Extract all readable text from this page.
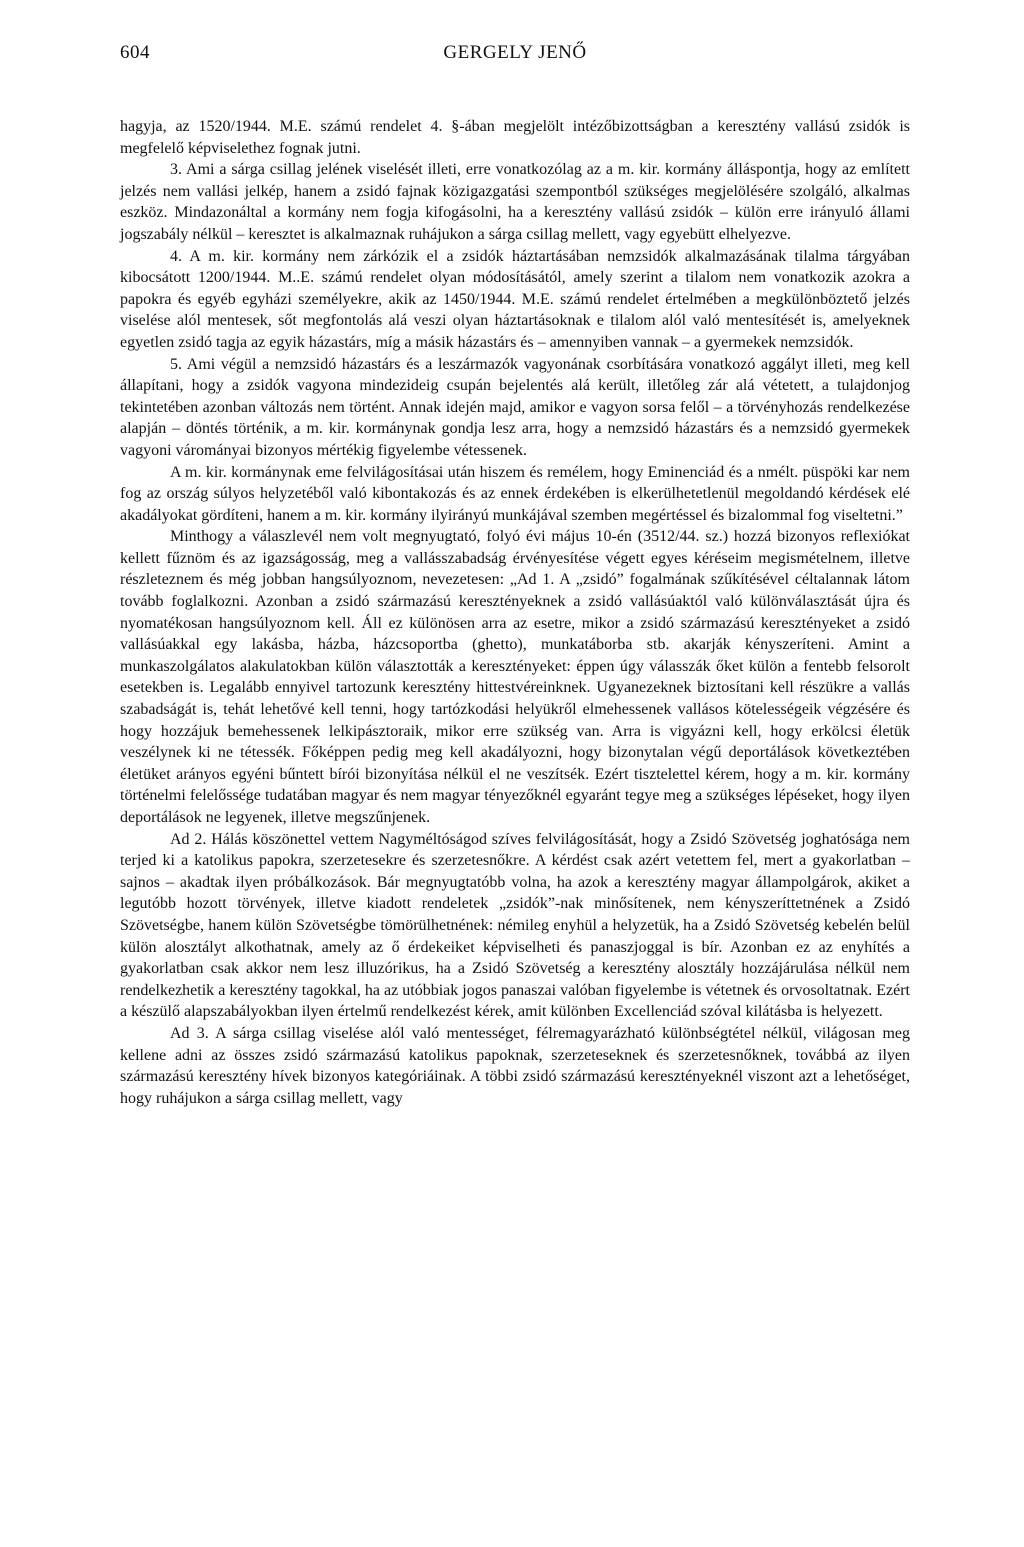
604	GERGELY JENŐ

hagyja, az 1520/1944. M.E. számú rendelet 4. §-ában megjelölt intézőbizottságban a keresztény vallású zsidók is megfelelő képviselethez fognak jutni.

3. Ami a sárga csillag jelének viselését illeti, erre vonatkozólag az a m. kir. kormány álláspontja, hogy az említett jelzés nem vallási jelkép, hanem a zsidó fajnak közigazgatási szempontból szükséges megjelölésére szolgáló, alkalmas eszköz. Mindazonáltal a kormány nem fogja kifogásolni, ha a keresztény vallású zsidók – külön erre irányuló állami jogszabály nélkül – keresztet is alkalmaznak ruhájukon a sárga csillag mellett, vagy egyebütt elhelyezve.

4. A m. kir. kormány nem zárkózik el a zsidók háztartásában nemzsidók alkalmazásának tilalma tárgyában kibocsátott 1200/1944. M..E. számú rendelet olyan módosításától, amely szerint a tilalom nem vonatkozik azokra a papokra és egyéb egyházi személyekre, akik az 1450/1944. M.E. számú rendelet értelmében a megkülönböztető jelzés viselése alól mentesek, sőt megfontolás alá veszi olyan háztartásoknak e tilalom alól való mentesítését is, amelyeknek egyetlen zsidó tagja az egyik házastárs, míg a másik házastárs és – amennyiben vannak – a gyermekek nemzsidók.

5. Ami végül a nemzsidó házastárs és a leszármazók vagyonának csorbítására vonatkozó aggályt illeti, meg kell állapítani, hogy a zsidók vagyona mindezideig csupán bejelentés alá került, illetőleg zár alá vétetett, a tulajdonjog tekintetében azonban változás nem történt. Annak idején majd, amikor e vagyon sorsa felől – a törvényhozás rendelkezése alapján – döntés történik, a m. kir. kormánynak gondja lesz arra, hogy a nemzsidó házastárs és a nemzsidó gyermekek vagyoni várományai bizonyos mértékig figyelembe vétessenek.

A m. kir. kormánynak eme felvilágosításai után hiszem és remélem, hogy Eminenciád és a nmélt. püspöki kar nem fog az ország súlyos helyzetéből való kibontakozás és az ennek érdekében is elkerülhetetlenül megoldandó kérdések elé akadályokat gördíteni, hanem a m. kir. kormány ilyirányú munkájával szemben megértéssel és bizalommal fog viseltetni.”

Minthogy a válaszlevél nem volt megnyugtató, folyó évi május 10-én (3512/44. sz.) hozzá bizonyos reflexiókat kellett fűznöm és az igazságosság, meg a vallásszabadság érvényesítése végett egyes kéréseim megismételnem, illetve részleteznem és még jobban hangsúlyoznom, nevezetesen: „Ad 1. A „zsidó” fogalmának szűkítésével céltalannak látom tovább foglalkozni. Azonban a zsidó származású keresztényeknek a zsidó vallásúaktól való különválasztását újra és nyomatékosan hangsúlyoznom kell. Áll ez különösen arra az esetre, mikor a zsidó származású keresztényeket a zsidó vallásúakkal egy lakásba, házba, házcsoportba (ghetto), munkatáborba stb. akarják kényszeríteni. Amint a munkaszolgálatos alakulatokban külön választották a keresztényeket: éppen úgy válasszák őket külön a fentebb felsorolt esetekben is. Legalább ennyivel tartozunk keresztény hittestvéreinknek. Ugyanezeknek biztosítani kell részükre a vallás szabadságát is, tehát lehetővé kell tenni, hogy tartózkodási helyükről elmehessenek vallásos kötelességeik végzésére és hogy hozzájuk bemehessenek lelkipásztoraik, mikor erre szükség van. Arra is vigyázni kell, hogy erkölcsi életük veszélynek ki ne tétessék. Főképpen pedig meg kell akadályozni, hogy bizonytalan végű deportálások következtében életüket arányos egyéni bűntett bírói bizonyítása nélkül el ne veszítsék. Ezért tisztelettel kérem, hogy a m. kir. kormány történelmi felelőssége tudatában magyar és nem magyar tényezőknél egyaránt tegye meg a szükséges lépéseket, hogy ilyen deportálások ne legyenek, illetve megszűnjenek.

Ad 2. Hálás köszönettel vettem Nagyméltóságod szíves felvilágosítását, hogy a Zsidó Szövetség joghatósága nem terjed ki a katolikus papokra, szerzetesekre és szerzetesnőkre. A kérdést csak azért vetettem fel, mert a gyakorlatban – sajnos – akadtak ilyen próbálkozások. Bár megnyugtatóbb volna, ha azok a keresztény magyar állampolgárok, akiket a legutóbb hozott törvények, illetve kiadott rendeletek „zsidók”-nak minősítenek, nem kényszeríttetnének a Zsidó Szövetségbe, hanem külön Szövetségbe tömörülhetnének: némileg enyhül a helyzetük, ha a Zsidó Szövetség kebelén belül külön alosztályt alkothatnak, amely az ő érdekeiket képviselheti és panaszjoggal is bír. Azonban ez az enyhítés a gyakorlatban csak akkor nem lesz illuzórikus, ha a Zsidó Szövetség a keresztény alosztály hozzájárulása nélkül nem rendelkezhetik a keresztény tagokkal, ha az utóbbiak jogos panaszai valóban figyelembe is vétetnek és orvosoltatnak. Ezért a készülő alapszabályokban ilyen értelmű rendelkezést kérek, amit különben Excellenciád szóval kilátásba is helyezett.

Ad 3. A sárga csillag viselése alól való mentességet, félremagyarázható különbségtétel nélkül, világosan meg kellene adni az összes zsidó származású katolikus papoknak, szerzeteseknek és szerzetesnőknek, továbbá az ilyen származású keresztény hívek bizonyos kategóriáinak. A többi zsidó származású keresztényeknél viszont azt a lehetőséget, hogy ruhájukon a sárga csillag mellett, vagy
